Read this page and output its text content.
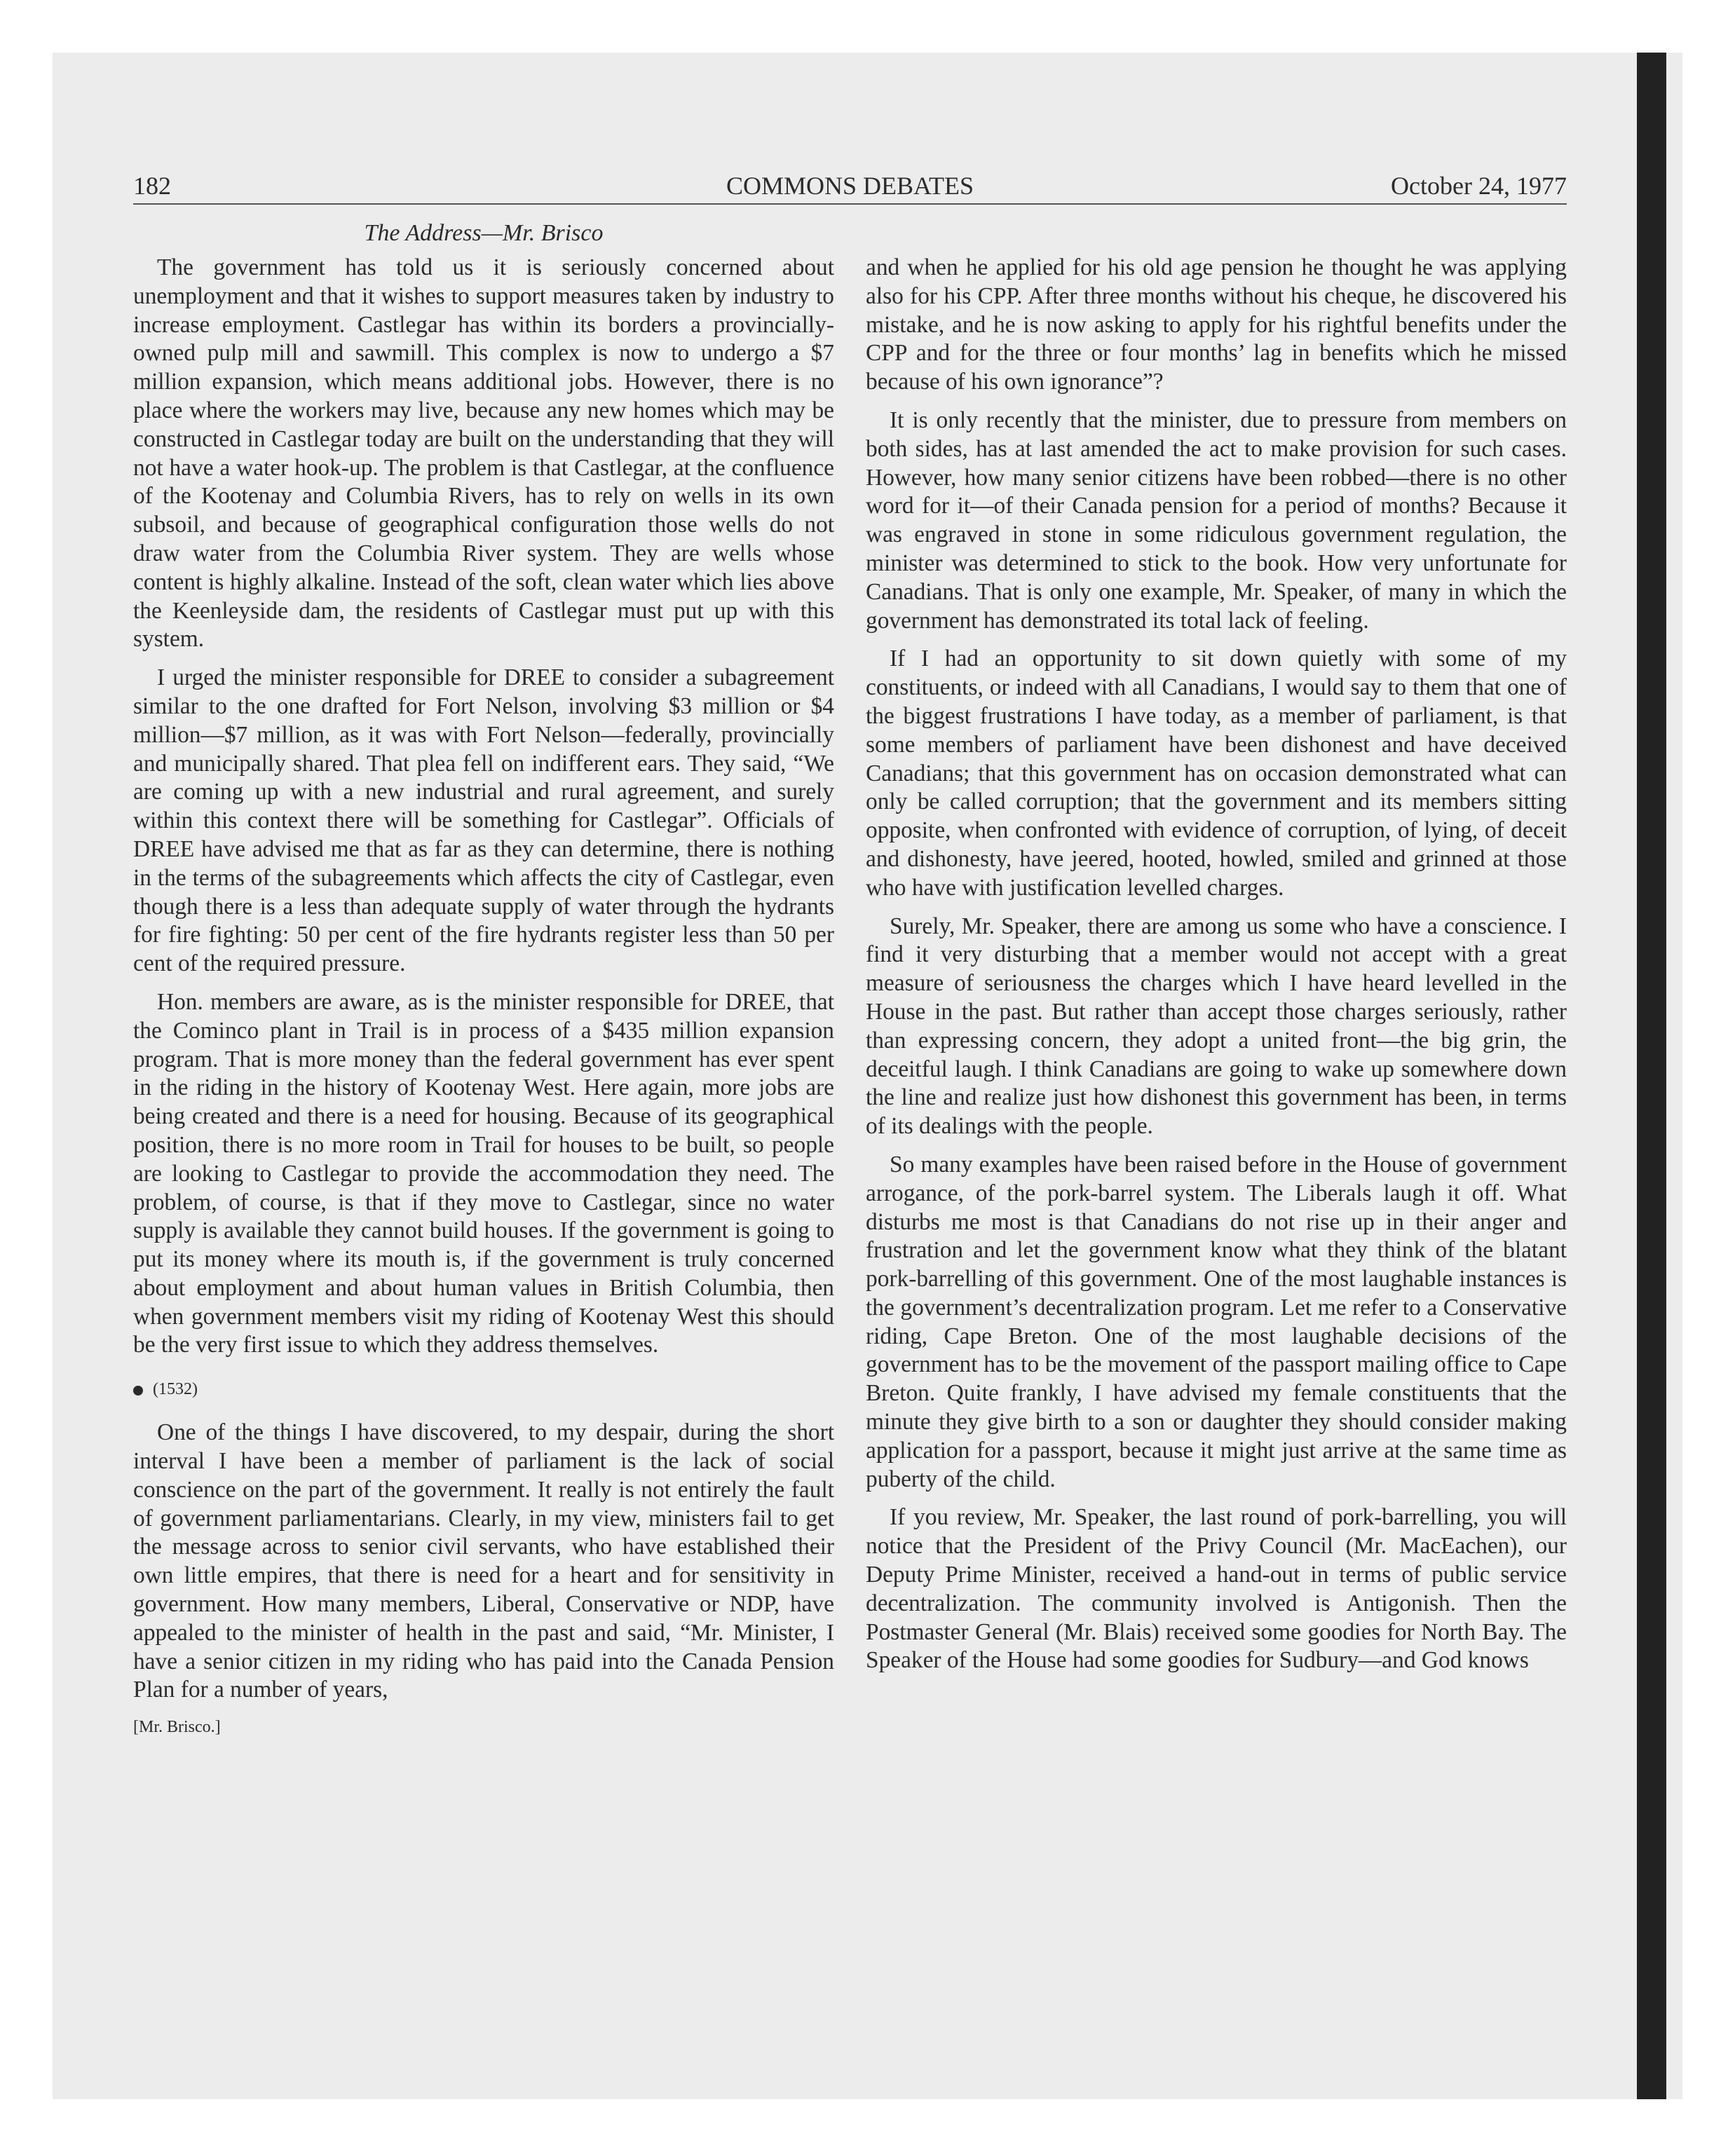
182	COMMONS DEBATES	October 24, 1977
The Address—Mr. Brisco

The government has told us it is seriously concerned about unemployment and that it wishes to support measures taken by industry to increase employment. Castlegar has within its borders a provincially-owned pulp mill and sawmill. This complex is now to undergo a $7 million expansion, which means additional jobs. However, there is no place where the workers may live, because any new homes which may be constructed in Castlegar today are built on the understanding that they will not have a water hook-up. The problem is that Castlegar, at the confluence of the Kootenay and Columbia Rivers, has to rely on wells in its own subsoil, and because of geographical configuration those wells do not draw water from the Columbia River system. They are wells whose content is highly alkaline. Instead of the soft, clean water which lies above the Keenleyside dam, the residents of Castlegar must put up with this system.

I urged the minister responsible for DREE to consider a subagreement similar to the one drafted for Fort Nelson, involving $3 million or $4 million—$7 million, as it was with Fort Nelson—federally, provincially and municipally shared. That plea fell on indifferent ears. They said, “We are coming up with a new industrial and rural agreement, and surely within this context there will be something for Castlegar”. Officials of DREE have advised me that as far as they can determine, there is nothing in the terms of the subagreements which affects the city of Castlegar, even though there is a less than adequate supply of water through the hydrants for fire fighting: 50 per cent of the fire hydrants register less than 50 per cent of the required pressure.

Hon. members are aware, as is the minister responsible for DREE, that the Cominco plant in Trail is in process of a $435 million expansion program. That is more money than the federal government has ever spent in the riding in the history of Kootenay West. Here again, more jobs are being created and there is a need for housing. Because of its geographical position, there is no more room in Trail for houses to be built, so people are looking to Castlegar to provide the accommodation they need. The problem, of course, is that if they move to Castlegar, since no water supply is available they cannot build houses. If the government is going to put its money where its mouth is, if the government is truly concerned about employment and about human values in British Columbia, then when government members visit my riding of Kootenay West this should be the very first issue to which they address themselves.

(1532)

One of the things I have discovered, to my despair, during the short interval I have been a member of parliament is the lack of social conscience on the part of the government. It really is not entirely the fault of government parliamentarians. Clearly, in my view, ministers fail to get the message across to senior civil servants, who have established their own little empires, that there is need for a heart and for sensitivity in government. How many members, Liberal, Conservative or NDP, have appealed to the minister of health in the past and said, “Mr. Minister, I have a senior citizen in my riding who has paid into the Canada Pension Plan for a number of years,

[Mr. Brisco.]

and when he applied for his old age pension he thought he was applying also for his CPP. After three months without his cheque, he discovered his mistake, and he is now asking to apply for his rightful benefits under the CPP and for the three or four months’ lag in benefits which he missed because of his own ignorance”?

It is only recently that the minister, due to pressure from members on both sides, has at last amended the act to make provision for such cases. However, how many senior citizens have been robbed—there is no other word for it—of their Canada pension for a period of months? Because it was engraved in stone in some ridiculous government regulation, the minister was determined to stick to the book. How very unfortunate for Canadians. That is only one example, Mr. Speaker, of many in which the government has demonstrated its total lack of feeling.

If I had an opportunity to sit down quietly with some of my constituents, or indeed with all Canadians, I would say to them that one of the biggest frustrations I have today, as a member of parliament, is that some members of parliament have been dishonest and have deceived Canadians; that this government has on occasion demonstrated what can only be called corruption; that the government and its members sitting opposite, when confronted with evidence of corruption, of lying, of deceit and dishonesty, have jeered, hooted, howled, smiled and grinned at those who have with justification levelled charges.

Surely, Mr. Speaker, there are among us some who have a conscience. I find it very disturbing that a member would not accept with a great measure of seriousness the charges which I have heard levelled in the House in the past. But rather than accept those charges seriously, rather than expressing concern, they adopt a united front—the big grin, the deceitful laugh. I think Canadians are going to wake up somewhere down the line and realize just how dishonest this government has been, in terms of its dealings with the people.

So many examples have been raised before in the House of government arrogance, of the pork-barrel system. The Liberals laugh it off. What disturbs me most is that Canadians do not rise up in their anger and frustration and let the government know what they think of the blatant pork-barrelling of this government. One of the most laughable instances is the government’s decentralization program. Let me refer to a Conservative riding, Cape Breton. One of the most laughable decisions of the government has to be the movement of the passport mailing office to Cape Breton. Quite frankly, I have advised my female constituents that the minute they give birth to a son or daughter they should consider making application for a passport, because it might just arrive at the same time as puberty of the child.

If you review, Mr. Speaker, the last round of pork-barrelling, you will notice that the President of the Privy Council (Mr. MacEachen), our Deputy Prime Minister, received a hand-out in terms of public service decentralization. The community involved is Antigonish. Then the Postmaster General (Mr. Blais) received some goodies for North Bay. The Speaker of the House had some goodies for Sudbury—and God knows
